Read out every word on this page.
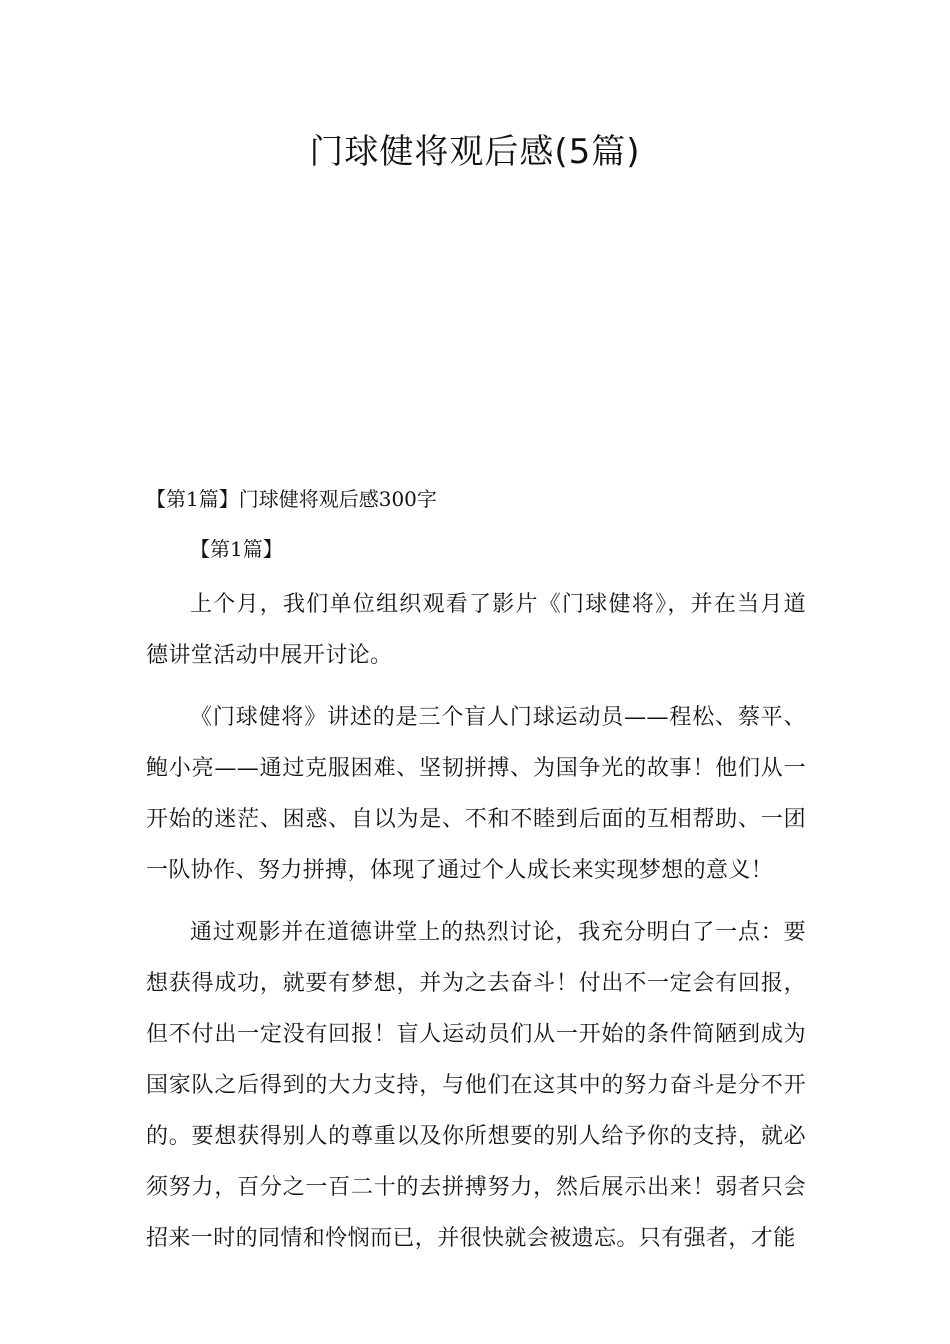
门球健将观后感(5篇)

【第1篇】门球健将观后感300字

【第1篇】

上个月，我们单位组织观看了影片《门球健将》，并在当月道德讲堂活动中展开讨论。

《门球健将》讲述的是三个盲人门球运动员——程松、蔡平、鲍小亮——通过克服困难、坚韧拼搏、为国争光的故事！他们从一开始的迷茫、困惑、自以为是、不和不睦到后面的互相帮助、一团一队协作、努力拼搏，体现了通过个人成长来实现梦想的意义！

通过观影并在道德讲堂上的热烈讨论，我充分明白了一点：要想获得成功，就要有梦想，并为之去奋斗！付出不一定会有回报，但不付出一定没有回报！盲人运动员们从一开始的条件简陋到成为国家队之后得到的大力支持，与他们在这其中的努力奋斗是分不开的。要想获得别人的尊重以及你所想要的别人给予你的支持，就必须努力，百分之一百二十的去拼搏努力，然后展示出来！弱者只会招来一时的同情和怜悯而已，并很快就会被遗忘。只有强者，才能
